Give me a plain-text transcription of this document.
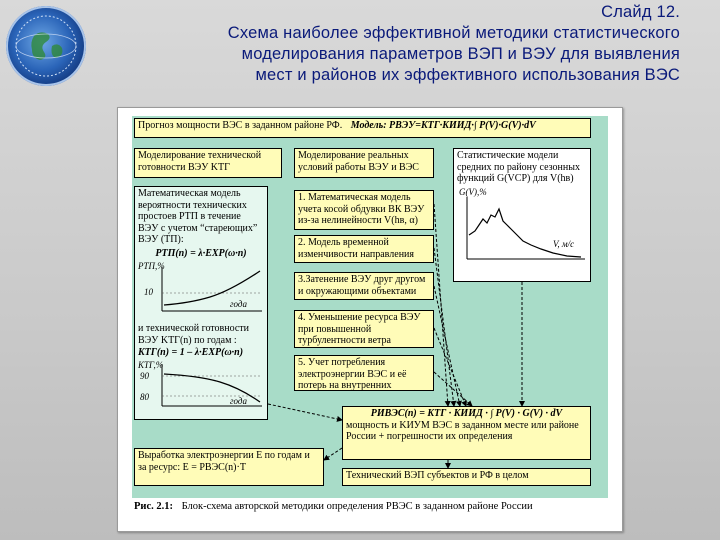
Слайд 12.
Схема наиболее эффективной методики статистического
моделирования параметров ВЭП и ВЭУ для выявления
мест и районов их эффективного использования ВЭС
Прогноз мощности ВЭС в заданном районе РФ. Модель: PВЭУ=KТГ·KИИД·∫ P(V)·G(V)·dV
Моделирование технической готовности ВЭУ KТГ
Математическая модель
вероятности технических
простоев PТП в течение
ВЭУ с учетом “стареющих”
ВЭУ (ТП):
PТП(n) = λ·EXP(ω·n)
PТП,%
10
года
и технической готовности
ВЭУ KТГ(n) по годам :
KТГ(n) = 1 – λ·EXP(ω·n)
KТГ,%
90
80	года
Моделирование реальных условий работы ВЭУ и ВЭС
1. Математическая модель учета косой обдувки ВК ВЭУ из-за нелинейности V(hв, α)
2. Модель временной изменчивости направления
3.Затенение ВЭУ друг другом и окружающими объектами
4. Уменьшение ресурса ВЭУ при повышенной турбулентности ветра
5. Учет потребления электроэнергии ВЭС и её потерь на внутренних
Статистические модели средних по району сезонных функций G(VСР) для V(hв)
G(V),%
V, м/с
PИВЭС(n) = KТГ · KИИД · ∫ P(V) · G(V) · dV
мощность и KИУМ ВЭС в заданном месте или районе России + погрешности их определения
Выработка электроэнергии E по годам и за ресурс: E = PВЭС(n)·T
Технический ВЭП субъектов и РФ в целом
Рис. 2.1: Блок-схема авторской методики определения PВЭС в заданном районе России
